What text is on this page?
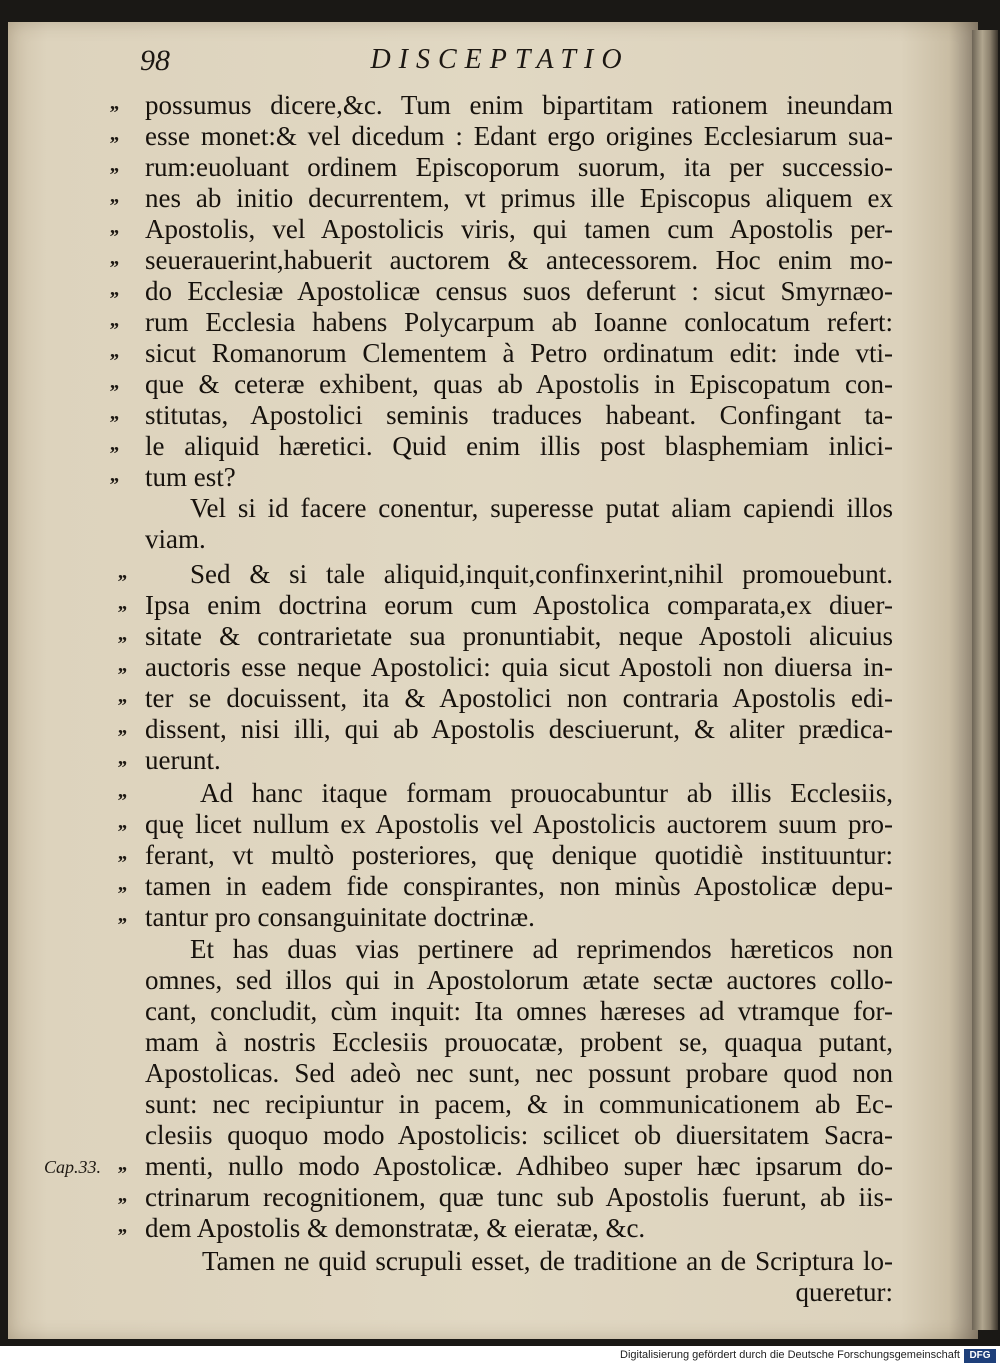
98	DISCEPTATIO
,,	possumus dicere,&c. Tum enim bipartitam rationem ineundam
,,	esse monet:& vel dicedum : Edant ergo origines Ecclesiarum sua-
,,	rum:euoluant ordinem Episcoporum suorum, ita per successio-
,,	nes ab initio decurrentem, vt primus ille Episcopus aliquem ex
,,	Apostolis, vel Apostolicis viris, qui tamen cum Apostolis per-
,,	seuerauerint,habuerit auctorem & antecessorem. Hoc enim mo-
,,	do Ecclesiæ Apostolicæ census suos deferunt : sicut Smyrnæo-
,,	rum Ecclesia habens Polycarpum ab Ioanne conlocatum refert:
,,	sicut Romanorum Clementem à Petro ordinatum edit: inde vti-
,,	que & ceteræ exhibent, quas ab Apostolis in Episcopatum con-
,,	stitutas, Apostolici seminis traduces habeant. Confingant ta-
,,	le aliquid hæretici. Quid enim illis post blasphemiam inlici-
,,	tum est?
Vel si id facere conentur, superesse putat aliam capiendi illos
viam.
,,	Sed & si tale aliquid,inquit,confinxerint,nihil promouebunt.
,, Ipsa enim doctrina eorum cum Apostolica comparata,ex diuer-
,, sitate & contrarietate sua pronuntiabit, neque Apostoli alicuius
,, auctoris esse neque Apostolici: quia sicut Apostoli non diuersa in-
,, ter se docuissent, ita & Apostolici non contraria Apostolis edi-
,, dissent, nisi illi, qui ab Apostolis desciuerunt, & aliter prædica-
,, uerunt.
,,	Ad hanc itaque formam prouocabuntur ab illis Ecclesiis,
,, quę licet nullum ex Apostolis vel Apostolicis auctorem suum pro-
,, ferant, vt multò posteriores, quę denique quotidiè instituuntur:
,, tamen in eadem fide conspirantes, non minùs Apostolicæ depu-
,, tantur pro consanguinitate doctrinæ.
Et has duas vias pertinere ad reprimendos hæreticos non
omnes, sed illos qui in Apostolorum ætate sectæ auctores collo-
cant, concludit, cùm inquit: Ita omnes hæreses ad vtramque for-
mam à nostris Ecclesiis prouocatæ, probent se, quaqua putant,
Apostolicas. Sed adeò nec sunt, nec possunt probare quod non
sunt: nec recipiuntur in pacem, & in communicationem ab Ec-
clesiis quoquo modo Apostolicis: scilicet ob diuersitatem Sacra-
Cap.33. ,, menti, nullo modo Apostolicæ. Adhibeo super hæc ipsarum do-
,, ctrinarum recognitionem, quæ tunc sub Apostolis fuerunt, ab iis-
,, dem Apostolis & demonstratæ, & eieratæ, &c.
Tamen ne quid scrupuli esset, de traditione an de Scriptura lo-
queretur:
Digitalisierung gefördert durch die Deutsche Forschungsgemeinschaft DFG
